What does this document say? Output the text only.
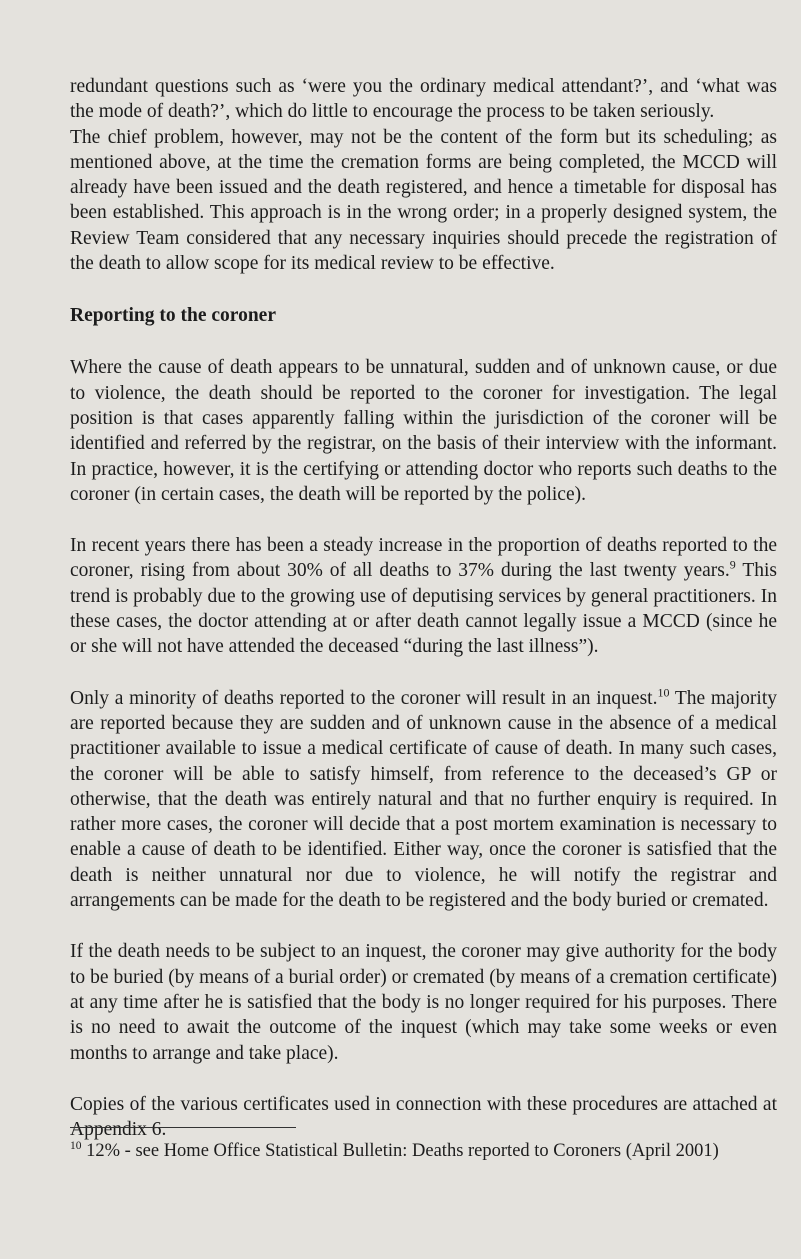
redundant questions such as ‘were you the ordinary medical attendant?’, and ‘what was the mode of death?’, which do little to encourage the process to be taken seriously.

The chief problem, however, may not be the content of the form but its scheduling; as mentioned above, at the time the cremation forms are being completed, the MCCD will already have been issued and the death registered, and hence a timetable for disposal has been established. This approach is in the wrong order; in a properly designed system, the Review Team considered that any necessary inquiries should precede the registration of the death to allow scope for its medical review to be effective.

Reporting to the coroner

Where the cause of death appears to be unnatural, sudden and of unknown cause, or due to violence, the death should be reported to the coroner for investigation. The legal position is that cases apparently falling within the jurisdiction of the coroner will be identified and referred by the registrar, on the basis of their interview with the informant. In practice, however, it is the certifying or attending doctor who reports such deaths to the coroner (in certain cases, the death will be reported by the police).

In recent years there has been a steady increase in the proportion of deaths reported to the coroner, rising from about 30% of all deaths to 37% during the last twenty years.$^9$ This trend is probably due to the growing use of deputising services by general practitioners. In these cases, the doctor attending at or after death cannot legally issue a MCCD (since he or she will not have attended the deceased “during the last illness”).

Only a minority of deaths reported to the coroner will result in an inquest.$^{10}$ The majority are reported because they are sudden and of unknown cause in the absence of a medical practitioner available to issue a medical certificate of cause of death. In many such cases, the coroner will be able to satisfy himself, from reference to the deceased’s GP or otherwise, that the death was entirely natural and that no further enquiry is required. In rather more cases, the coroner will decide that a post mortem examination is necessary to enable a cause of death to be identified. Either way, once the coroner is satisfied that the death is neither unnatural nor due to violence, he will notify the registrar and arrangements can be made for the death to be registered and the body buried or cremated.

If the death needs to be subject to an inquest, the coroner may give authority for the body to be buried (by means of a burial order) or cremated (by means of a cremation certificate) at any time after he is satisfied that the body is no longer required for his purposes. There is no need to await the outcome of the inquest (which may take some weeks or even months to arrange and take place).

Copies of the various certificates used in connection with these procedures are attached at Appendix 6.

$^{10}$ 12% - see Home Office Statistical Bulletin: Deaths reported to Coroners (April 2001)
